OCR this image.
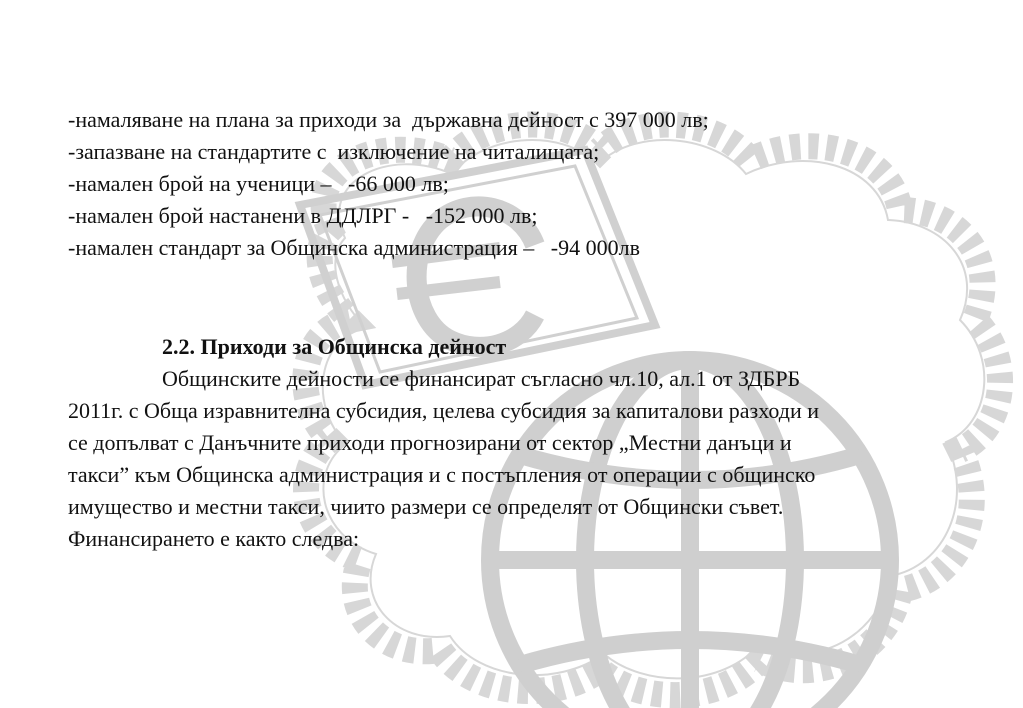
-намаляване на плана за приходи за  държавна дейност с 397 000 лв;
-запазване на стандартите с  изключение на читалищата;
-намален брой на ученици –   -66 000 лв;
-намален брой настанени в ДДЛРГ -   -152 000 лв;
-намален стандарт за Общинска администрация –   -94 000лв
2.2. Приходи за Общинска дейност
Общинските дейности се финансират съгласно чл.10, ал.1 от ЗДБРБ
2011г. с Обща изравнителна субсидия, целева субсидия за капиталови разходи и
се допълват с Данъчните приходи прогнозирани от сектор „Местни данъци и
такси” към Общинска администрация и с постъпления от операции с общинско
имущество и местни такси, чиито размери се определят от Общински съвет.
Финансирането е както следва:
